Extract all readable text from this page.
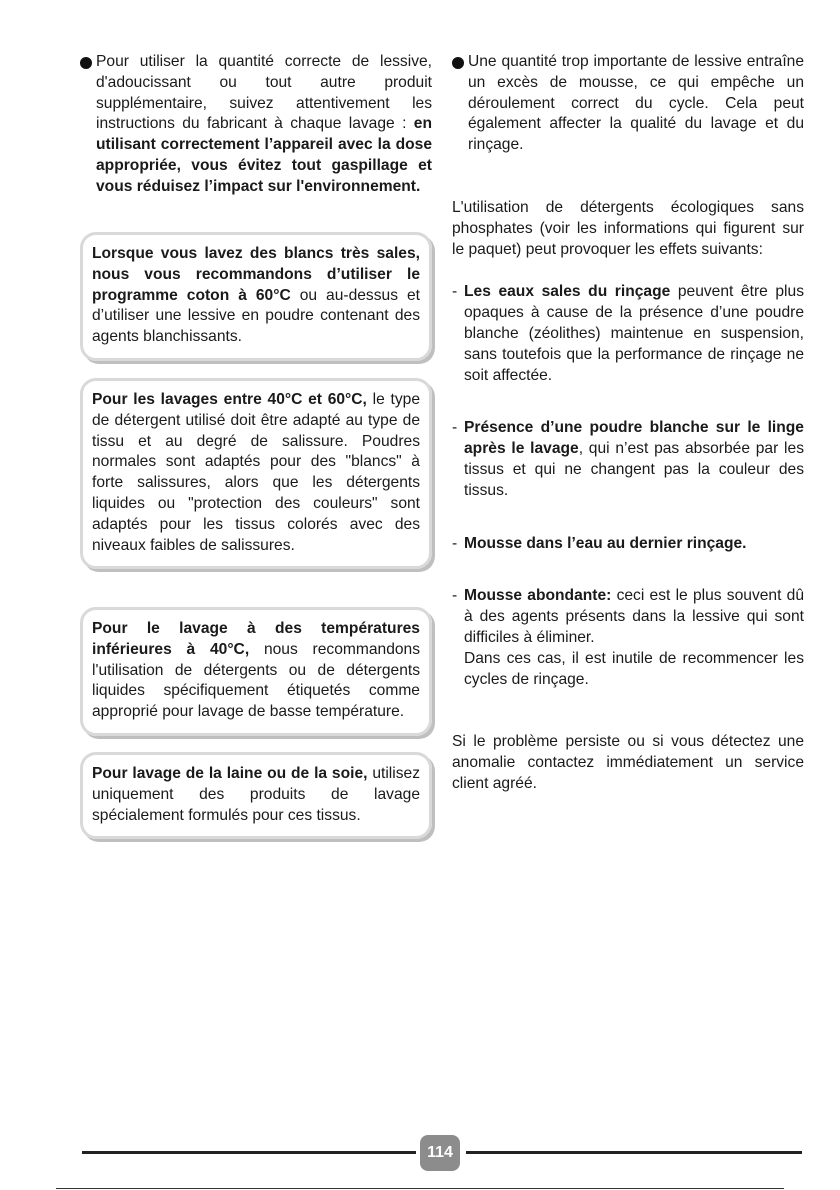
Pour utiliser la quantité correcte de lessive, d'adoucissant ou tout autre produit supplémentaire, suivez attentivement les instructions du fabricant à chaque lavage : en utilisant correctement l’appareil avec la dose appropriée, vous évitez tout gaspillage et vous réduisez l’impact sur l'environnement.

Lorsque vous lavez des blancs très sales, nous vous recommandons d’utiliser le programme coton à 60°C ou au-dessus et d’utiliser une lessive en poudre contenant des agents blanchissants.

Pour les lavages entre 40°C et 60°C, le type de détergent utilisé doit être adapté au type de tissu et au degré de salissure. Poudres normales sont adaptés pour des "blancs" à forte salissures, alors que les détergents liquides ou "protection des couleurs" sont adaptés pour les tissus colorés avec des niveaux faibles de salissures.

Pour le lavage à des températures inférieures à 40°C, nous recommandons l'utilisation de détergents ou de détergents liquides spécifiquement étiquetés comme approprié pour lavage de basse température.

Pour lavage de la laine ou de la soie, utilisez uniquement des produits de lavage spécialement formulés pour ces tissus.

Une quantité trop importante de lessive entraîne un excès de mousse, ce qui empêche un déroulement correct du cycle. Cela peut également affecter la qualité du lavage et du rinçage.

L'utilisation de détergents écologiques sans phosphates (voir les informations qui figurent sur le paquet) peut provoquer les effets suivants:

- Les eaux sales du rinçage peuvent être plus opaques à cause de la présence d’une poudre blanche (zéolithes) maintenue en suspension, sans toutefois que la performance de rinçage ne soit affectée.

- Présence d’une poudre blanche sur le linge après le lavage, qui n’est pas absorbée par les tissus et qui ne changent pas la couleur des tissus.

- Mousse dans l’eau au dernier rinçage.

- Mousse abondante: ceci est le plus souvent dû à des agents présents dans la lessive qui sont difficiles à éliminer.
Dans ces cas, il est inutile de recommencer les cycles de rinçage.

Si le problème persiste ou si vous détectez une anomalie contactez immédiatement un service client agréé.

114
